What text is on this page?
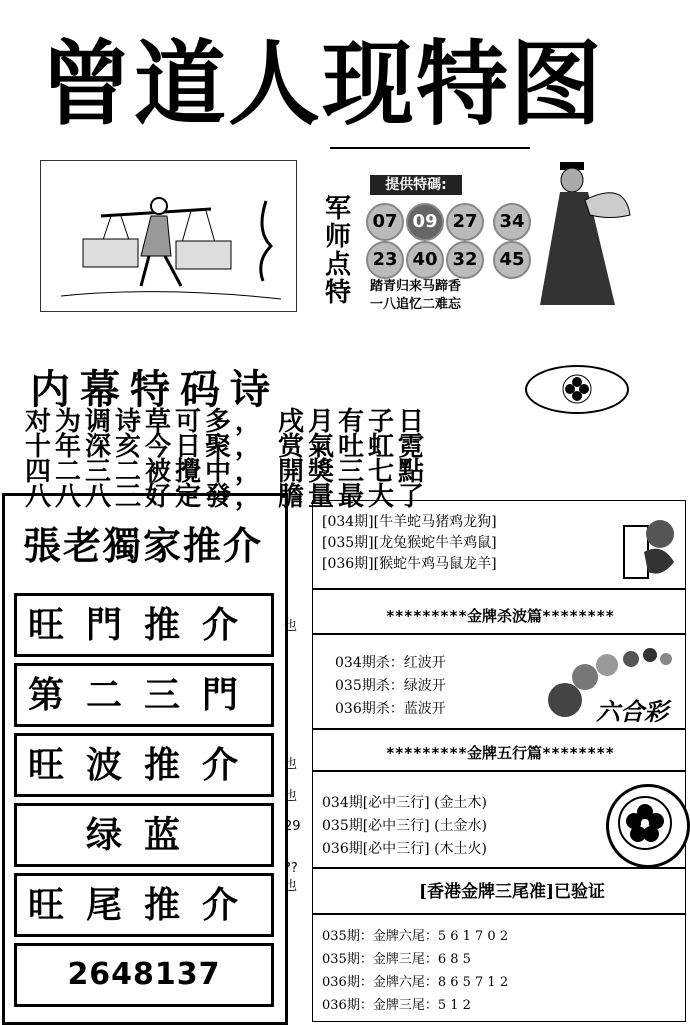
曾道人现特图
军
师
点
特
提供特碼:
07 09 27	34
23 40 32	45
踏青归来马蹄香
一八追忆二难忘
内幕特码诗
对为调诗草可多， 戌月有子日
十年深亥今日聚， 赏氣吐虹霓
四二三二被攪中， 開獎三七點
八八八三好定發， 膽量最大了
張老獨家推介
旺門推介
第二三門
旺波推介
绿蓝
旺尾推介
2648137
也
也
也
29
??
也
[034期][牛羊蛇马猪鸡龙狗]
[035期][龙兔猴蛇牛羊鸡鼠]
[036期][猴蛇牛鸡马鼠龙羊]
*********金牌杀波篇********
034期杀：红波开
035期杀：绿波开
036期杀：蓝波开	六合彩
*********金牌五行篇********
034期[必中三行] (金土木)
035期[必中三行] (土金水)
036期[必中三行] (木土火)
[香港金牌三尾准]已验证
035期：金牌六尾：5 6 1 7 0 2
035期：金牌三尾：6 8 5
036期：金牌六尾：8 6 5 7 1 2
036期：金牌三尾：5 1 2
